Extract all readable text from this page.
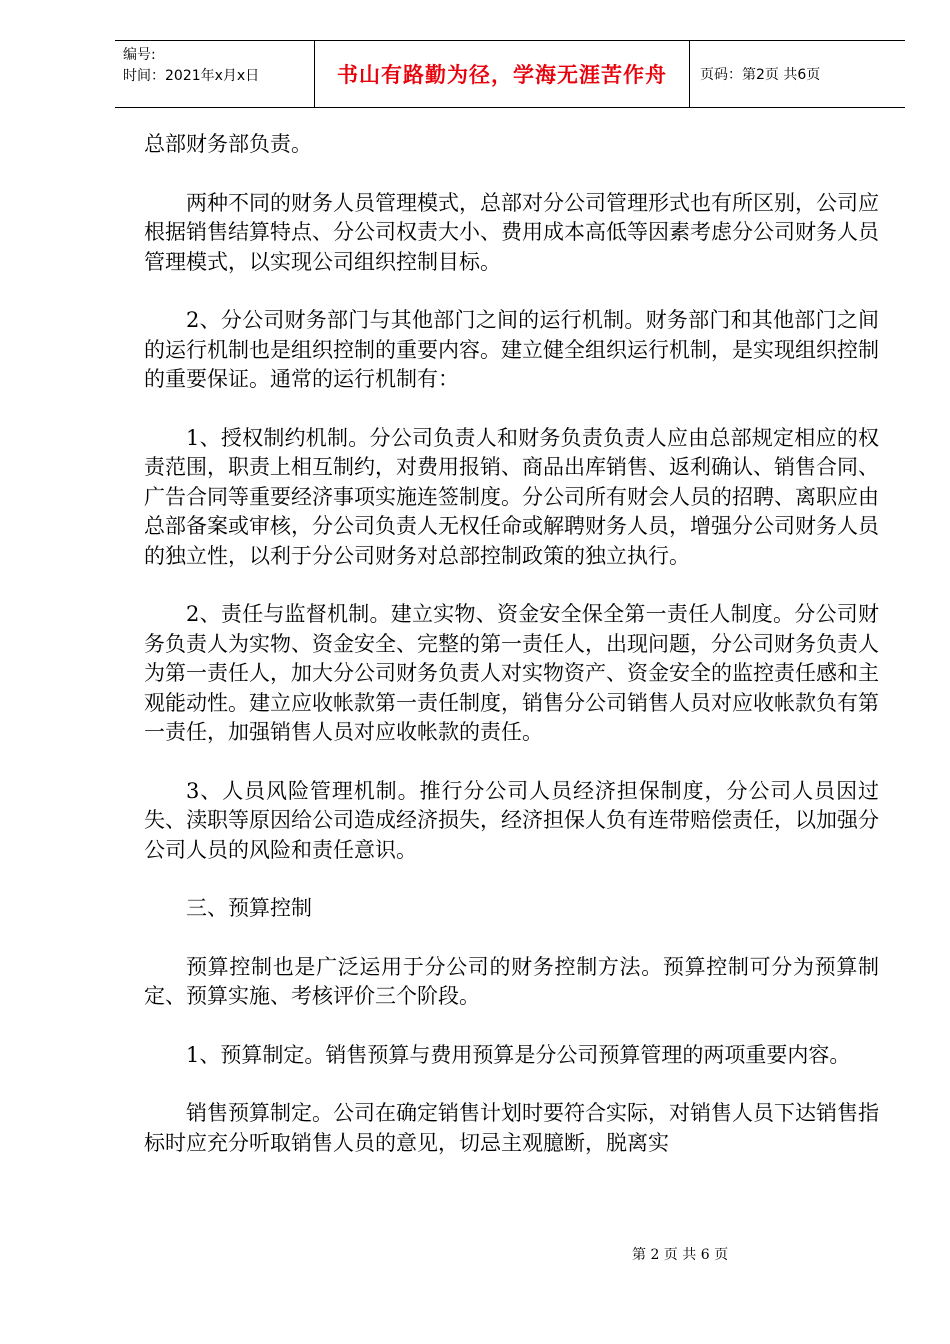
编号:
时间：2021年x月x日	书山有路勤为径，学海无涯苦作舟	页码：第2页 共6页

总部财务部负责。

两种不同的财务人员管理模式，总部对分公司管理形式也有所区别，公司应根据销售结算特点、分公司权责大小、费用成本高低等因素考虑分公司财务人员管理模式，以实现公司组织控制目标。

2、分公司财务部门与其他部门之间的运行机制。财务部门和其他部门之间的运行机制也是组织控制的重要内容。建立健全组织运行机制，是实现组织控制的重要保证。通常的运行机制有：

1、授权制约机制。分公司负责人和财务负责负责人应由总部规定相应的权责范围，职责上相互制约，对费用报销、商品出库销售、返利确认、销售合同、广告合同等重要经济事项实施连签制度。分公司所有财会人员的招聘、离职应由总部备案或审核，分公司负责人无权任命或解聘财务人员，增强分公司财务人员的独立性，以利于分公司财务对总部控制政策的独立执行。

2、责任与监督机制。建立实物、资金安全保全第一责任人制度。分公司财务负责人为实物、资金安全、完整的第一责任人，出现问题，分公司财务负责人为第一责任人，加大分公司财务负责人对实物资产、资金安全的监控责任感和主观能动性。建立应收帐款第一责任制度，销售分公司销售人员对应收帐款负有第一责任，加强销售人员对应收帐款的责任。

3、人员风险管理机制。推行分公司人员经济担保制度，分公司人员因过失、渎职等原因给公司造成经济损失，经济担保人负有连带赔偿责任，以加强分公司人员的风险和责任意识。

三、预算控制

预算控制也是广泛运用于分公司的财务控制方法。预算控制可分为预算制定、预算实施、考核评价三个阶段。

1、预算制定。销售预算与费用预算是分公司预算管理的两项重要内容。

销售预算制定。公司在确定销售计划时要符合实际，对销售人员下达销售指标时应充分听取销售人员的意见，切忌主观臆断，脱离实

第 2 页 共 6 页
